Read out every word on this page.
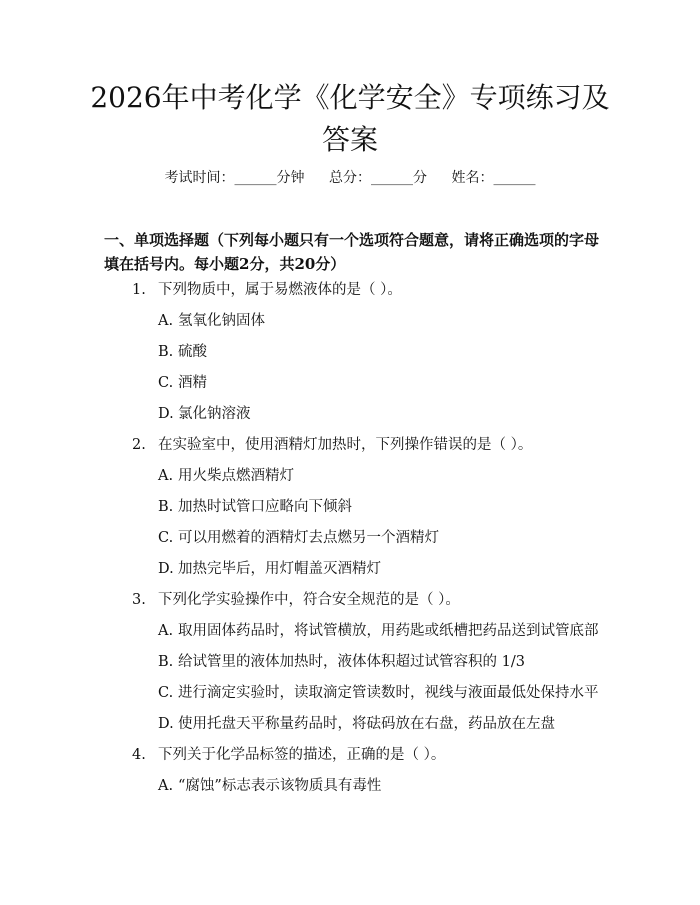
2026年中考化学《化学安全》专项练习及答案
考试时间：______分钟 总分：______分 姓名：______
一、单项选择题（下列每小题只有一个选项符合题意，请将正确选项的字母填在括号内。每小题2分，共20分）
1. 下列物质中，属于易燃液体的是（ ）。
A. 氢氧化钠固体
B. 硫酸
C. 酒精
D. 氯化钠溶液
2. 在实验室中，使用酒精灯加热时，下列操作错误的是（ ）。
A. 用火柴点燃酒精灯
B. 加热时试管口应略向下倾斜
C. 可以用燃着的酒精灯去点燃另一个酒精灯
D. 加热完毕后，用灯帽盖灭酒精灯
3. 下列化学实验操作中，符合安全规范的是（ ）。
A. 取用固体药品时，将试管横放，用药匙或纸槽把药品送到试管底部
B. 给试管里的液体加热时，液体体积超过试管容积的 1/3
C. 进行滴定实验时，读取滴定管读数时，视线与液面最低处保持水平
D. 使用托盘天平称量药品时，将砝码放在右盘，药品放在左盘
4. 下列关于化学品标签的描述，正确的是（ ）。
A. “腐蚀”标志表示该物质具有毒性
